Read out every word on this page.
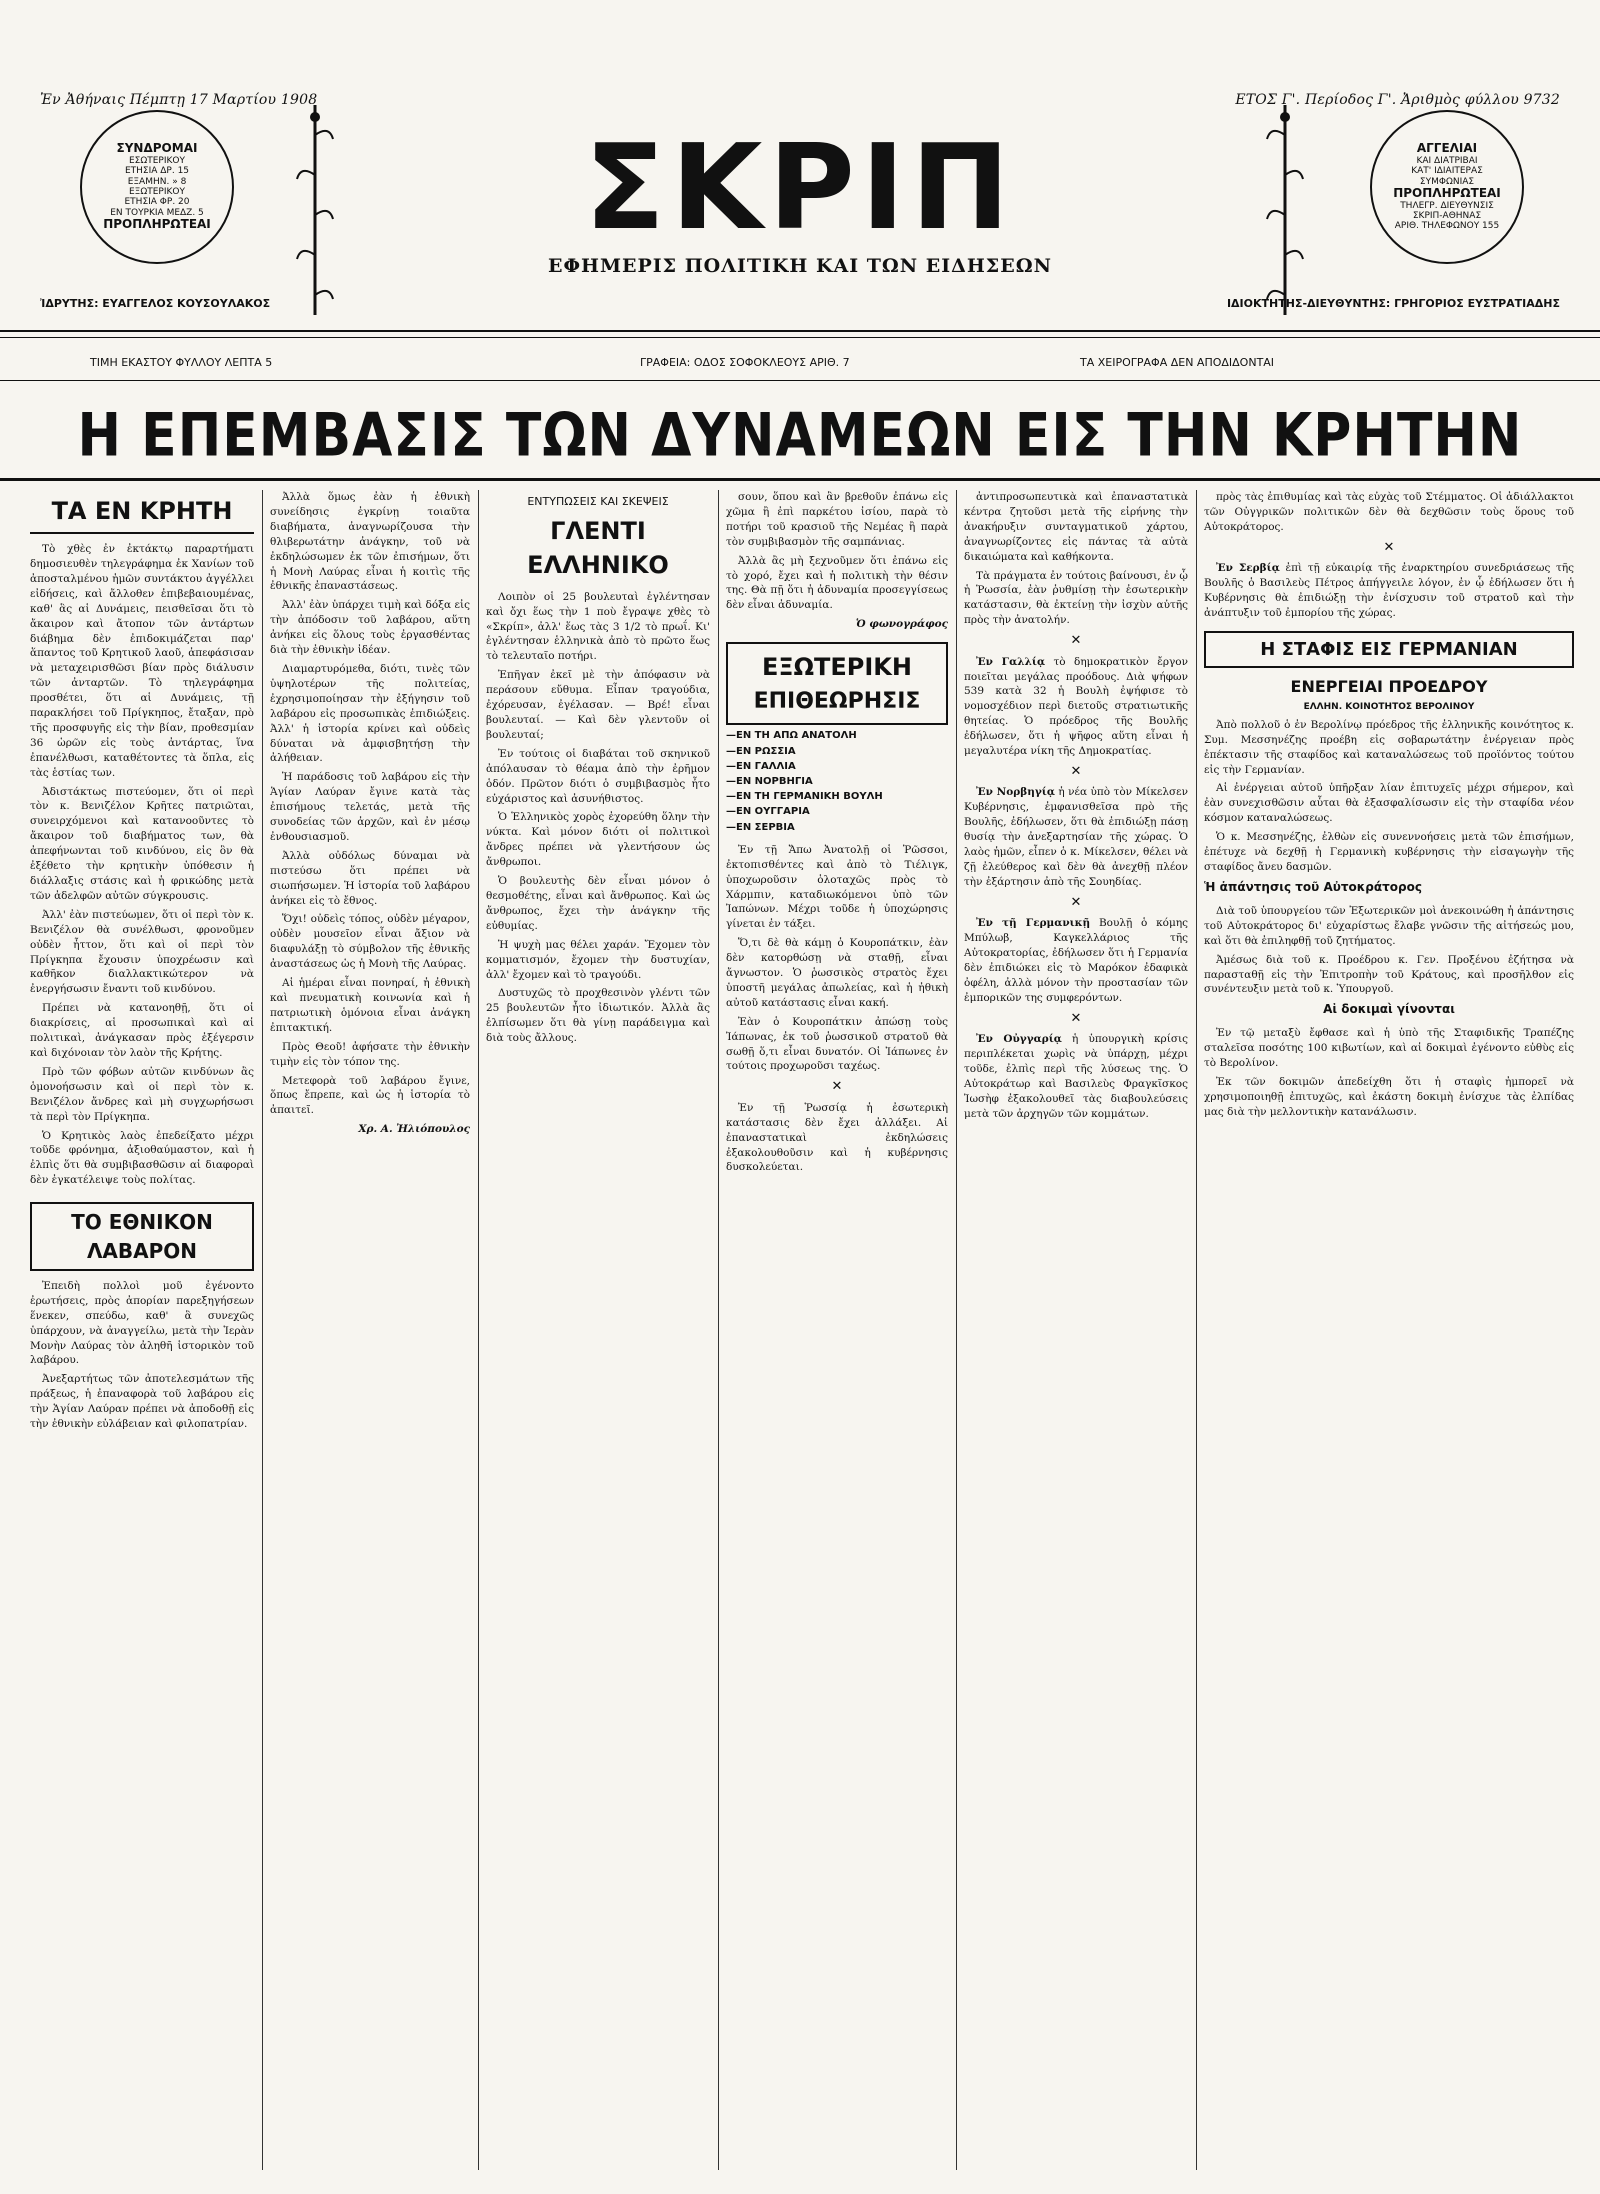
Ἐν Ἀθήναις Πέμπτῃ 17 Μαρτίου 1908	ΕΤΟΣ Γ'. Περίοδος Γ'. Ἀριθμὸς φύλλου 9732
ΣΥΝΔΡΟΜΑΙ
ΕΣΩΤΕΡΙΚΟΥ
ΕΤΗΣΙΑ ΔΡ. 15
ΕΞΑΜΗΝ. » 8
ΕΞΩΤΕΡΙΚΟΥ
ΕΤΗΣΙΑ ΦΡ. 20
ΕΝ ΤΟΥΡΚΙΑ ΜΕΔΖ. 5
ΠΡΟΠΛΗΡΩΤΕΑΙ	ΣΚΡΙΠ
ΕΦΗΜΕΡΙΣ ΠΟΛΙΤΙΚΗ ΚΑΙ ΤΩΝ ΕΙΔΗΣΕΩΝ
ΑΓΓΕΛΙΑΙ
ΚΑΙ ΔΙΑΤΡΙΒΑΙ
ΚΑΤ' ΙΔΙΑΙΤΕΡΑΣ
ΣΥΜΦΩΝΙΑΣ
ΠΡΟΠΛΗΡΩΤΕΑΙ
ΤΗΛΕΓΡ. ΔΙΕΥΘΥΝΣΙΣ
ΣΚΡΙΠ-ΑΘΗΝΑΣ
ΑΡΙΘ. ΤΗΛΕΦΩΝΟΥ 155
ἸΔΡΥΤΗΣ: ΕΥΑΓΓΕΛΟΣ ΚΟΥΣΟΥΛΑΚΟΣ	ΙΔΙΟΚΤΗΤΗΣ-ΔΙΕΥΘΥΝΤΗΣ: ΓΡΗΓΟΡΙΟΣ ΕΥΣΤΡΑΤΙΑΔΗΣ
ΤΙΜΗ ΕΚΑΣΤΟΥ ΦΥΛΛΟΥ ΛΕΠΤΑ 5	ΓΡΑΦΕΙΑ: ΟΔΟΣ ΣΟΦΟΚΛΕΟΥΣ ΑΡΙΘ. 7	ΤΑ ΧΕΙΡΟΓΡΑΦΑ ΔΕΝ ΑΠΟΔΙΔΟΝΤΑΙ
Η ΕΠΕΜΒΑΣΙΣ ΤΩΝ ΔΥΝΑΜΕΩΝ ΕΙΣ ΤΗΝ ΚΡΗΤΗΝ
ΤΑ ΕΝ ΚΡΗΤΗ

Τὸ χθὲς ἐν ἐκτάκτῳ παραρτήματι δημοσιευθὲν τηλεγράφημα ἐκ Χανίων τοῦ ἀποσταλμένου ἡμῶν συντάκτου ἀγγέλλει εἰδήσεις, καὶ ἄλλοθεν ἐπιβεβαιουμένας, καθ' ἃς αἱ Δυνάμεις, πεισθεῖσαι ὅτι τὸ ἄκαιρον καὶ ἄτοπον τῶν ἀντάρτων διάβημα δὲν ἐπιδοκιμάζεται παρ' ἅπαντος τοῦ Κρητικοῦ λαοῦ, ἀπεφάσισαν νὰ μεταχειρισθῶσι βίαν πρὸς διάλυσιν τῶν ἀνταρτῶν. Τὸ τηλεγράφημα προσθέτει, ὅτι αἱ Δυνάμεις, τῇ παρακλήσει τοῦ Πρίγκηπος, ἔταξαν, πρὸ τῆς προσφυγῆς εἰς τὴν βίαν, προθεσμίαν 36 ὡρῶν εἰς τοὺς ἀντάρτας, ἵνα ἐπανέλθωσι, καταθέτοντες τὰ ὅπλα, εἰς τὰς ἑστίας των.

Ἀδιστάκτως πιστεύομεν, ὅτι οἱ περὶ τὸν κ. Βενιζέλον Κρῆτες πατριῶται, συνειρχόμενοι καὶ κατανοοῦντες τὸ ἄκαιρον τοῦ διαβήματος των, θὰ ἀπεφήνωνται τοῦ κινδύνου, εἰς ὃν θὰ ἐξέθετο τὴν κρητικὴν ὑπόθεσιν ἡ διάλλαξις στάσις καὶ ἡ φρικώδης μετὰ τῶν ἀδελφῶν αὐτῶν σύγκρουσις.

Ἀλλ' ἐὰν πιστεύωμεν, ὅτι οἱ περὶ τὸν κ. Βενιζέλον θὰ συνέλθωσι, φρονοῦμεν οὐδὲν ἧττον, ὅτι καὶ οἱ περὶ τὸν Πρίγκηπα ἔχουσιν ὑποχρέωσιν καὶ καθῆκον διαλλακτικώτερον νὰ ἐνεργήσωσιν ἔναντι τοῦ κινδύνου.

Πρέπει νὰ κατανοηθῇ, ὅτι οἱ διακρίσεις, αἱ προσωπικαὶ καὶ αἱ πολιτικαὶ, ἀνάγκασαν πρὸς ἐξέγερσιν καὶ διχόνοιαν τὸν λαὸν τῆς Κρήτης.

Πρὸ τῶν φόβων αὐτῶν κινδύνων ἂς ὁμονοήσωσιν καὶ οἱ περὶ τὸν κ. Βενιζέλον ἄνδρες καὶ μὴ συγχωρήσωσι τὰ περὶ τὸν Πρίγκηπα.

Ὁ Κρητικὸς λαὸς ἐπεδείξατο μέχρι τοῦδε φρόνημα, ἀξιοθαύμαστον, καὶ ἡ ἐλπὶς ὅτι θὰ συμβιβασθῶσιν αἱ διαφοραὶ δὲν ἐγκατέλειψε τοὺς πολίτας.

ΤΟ ΕΘΝΙΚΟΝ ΛΑΒΑΡΟΝ

Ἐπειδὴ πολλοὶ μοῦ ἐγένοντο ἐρωτήσεις, πρὸς ἀπορίαν παρεξηγήσεων ἕνεκεν, σπεύδω, καθ' ἃ συνεχῶς ὑπάρχουν, νὰ ἀναγγείλω, μετὰ τὴν Ἱερὰν Μονὴν Λαύρας τὸν ἀληθῆ ἱστορικὸν τοῦ λαβάρου.

Ἀνεξαρτήτως τῶν ἀποτελεσμάτων τῆς πράξεως, ἡ ἐπαναφορὰ τοῦ λαβάρου εἰς τὴν Ἁγίαν Λαύραν πρέπει νὰ ἀποδοθῇ εἰς τὴν ἐθνικὴν εὐλάβειαν καὶ φιλοπατρίαν.

Ἀλλὰ ὅμως ἐὰν ἡ ἐθνικὴ συνείδησις ἐγκρίνῃ τοιαῦτα διαβήματα, ἀναγνωρίζουσα τὴν θλιβερωτάτην ἀνάγκην, τοῦ νὰ ἐκδηλώσωμεν ἐκ τῶν ἐπισήμων, ὅτι ἡ Μονὴ Λαύρας εἶναι ἡ κοιτὶς τῆς ἐθνικῆς ἐπαναστάσεως.

Ἀλλ' ἐὰν ὑπάρχει τιμὴ καὶ δόξα εἰς τὴν ἀπόδοσιν τοῦ λαβάρου, αὕτη ἀνήκει εἰς ὅλους τοὺς ἐργασθέντας διὰ τὴν ἐθνικὴν ἰδέαν.

Διαμαρτυρόμεθα, διότι, τινὲς τῶν ὑψηλοτέρων τῆς πολιτείας, ἐχρησιμοποίησαν τὴν ἐξήγησιν τοῦ λαβάρου εἰς προσωπικὰς ἐπιδιώξεις. Ἀλλ' ἡ ἱστορία κρίνει καὶ οὐδεὶς δύναται νὰ ἀμφισβητήσῃ τὴν ἀλήθειαν.

Ἡ παράδοσις τοῦ λαβάρου εἰς τὴν Ἁγίαν Λαύραν ἔγινε κατὰ τὰς ἐπισήμους τελετάς, μετὰ τῆς συνοδείας τῶν ἀρχῶν, καὶ ἐν μέσῳ ἐνθουσιασμοῦ.

Ἀλλὰ οὐδόλως δύναμαι νὰ πιστεύσω ὅτι πρέπει νὰ σιωπήσωμεν. Ἡ ἱστορία τοῦ λαβάρου ἀνήκει εἰς τὸ ἔθνος.

Ὅχι! οὐδεὶς τόπος, οὐδὲν μέγαρον, οὐδὲν μουσεῖον εἶναι ἄξιον νὰ διαφυλάξῃ τὸ σύμβολον τῆς ἐθνικῆς ἀναστάσεως ὡς ἡ Μονὴ τῆς Λαύρας.

Αἱ ἡμέραι εἶναι πονηραί, ἡ ἐθνικὴ καὶ πνευματικὴ κοινωνία καὶ ἡ πατριωτικὴ ὁμόνοια εἶναι ἀνάγκη ἐπιτακτική.

Πρὸς Θεοῦ! ἀφήσατε τὴν ἐθνικὴν τιμὴν εἰς τὸν τόπον της.

Μετεφορὰ τοῦ λαβάρου ἔγινε, ὅπως ἔπρεπε, καὶ ὡς ἡ ἱστορία τὸ ἀπαιτεῖ.

Χρ. Α. Ἠλιόπουλος
ΕΝΤΥΠΩΣΕΙΣ ΚΑΙ ΣΚΕΨΕΙΣ
ΓΛΕΝΤΙ ΕΛΛΗΝΙΚΟ

Λοιπὸν οἱ 25 βουλευταὶ ἐγλέντησαν καὶ ὄχι ἕως τὴν 1 ποὺ ἔγραψε χθὲς τὸ «Σκρίπ», ἀλλ' ἕως τὰς 3 1/2 τὸ πρωΐ. Κι' ἐγλέντησαν ἑλληνικὰ ἀπὸ τὸ πρῶτο ἕως τὸ τελευταῖο ποτήρι.

Ἐπῆγαν ἐκεῖ μὲ τὴν ἀπόφασιν νὰ περάσουν εὔθυμα. Εἶπαν τραγούδια, ἐχόρευσαν, ἐγέλασαν. — Βρέ! εἶναι βουλευταί. — Καὶ δὲν γλεντοῦν οἱ βουλευταί;

Ἐν τούτοις οἱ διαβάται τοῦ σκηνικοῦ ἀπόλαυσαν τὸ θέαμα ἀπὸ τὴν ἐρῆμον ὁδόν. Πρῶτον διότι ὁ συμβιβασμὸς ἦτο εὐχάριστος καὶ ἀσυνήθιστος.

Ὁ Ἑλληνικὸς χορὸς ἐχορεύθη ὅλην τὴν νύκτα. Καὶ μόνον διότι οἱ πολιτικοὶ ἄνδρες πρέπει νὰ γλεντήσουν ὡς ἄνθρωποι.

Ὁ βουλευτὴς δὲν εἶναι μόνον ὁ θεσμοθέτης, εἶναι καὶ ἄνθρωπος. Καὶ ὡς ἄνθρωπος, ἔχει τὴν ἀνάγκην τῆς εὐθυμίας.

Ἡ ψυχὴ μας θέλει χαράν. Ἔχομεν τὸν κομματισμόν, ἔχομεν τὴν δυστυχίαν, ἀλλ' ἔχομεν καὶ τὸ τραγούδι.

Δυστυχῶς τὸ προχθεσινὸν γλέντι τῶν 25 βουλευτῶν ἦτο ἰδιωτικόν. Ἀλλὰ ἂς ἐλπίσωμεν ὅτι θὰ γίνῃ παράδειγμα καὶ διὰ τοὺς ἄλλους.

σουν, ὅπου καὶ ἂν βρεθοῦν ἐπάνω εἰς χῶμα ἢ ἐπὶ παρκέτου ἰσίου, παρὰ τὸ ποτήρι τοῦ κρασιοῦ τῆς Νεμέας ἢ παρὰ τὸν συμβιβασμὸν τῆς σαμπάνιας.

Ἀλλὰ ἂς μὴ ξεχνοῦμεν ὅτι ἐπάνω εἰς τὸ χορό, ἔχει καὶ ἡ πολιτικὴ τὴν θέσιν της. Θὰ πῇ ὅτι ἡ ἀδυναμία προσεγγίσεως δὲν εἶναι ἀδυναμία.

Ὁ φωνογράφος
ΕΞΩΤΕΡΙΚΗ
ΕΠΙΘΕΩΡΗΣΙΣ
—ΕΝ ΤΗ ΑΠΩ ΑΝΑΤΟΛΗ
—ΕΝ ΡΩΣΣΙΑ
—ΕΝ ΓΑΛΛΙΑ
—ΕΝ ΝΟΡΒΗΓΙΑ
—ΕΝ ΤΗ ΓΕΡΜΑΝΙΚΗ ΒΟΥΛΗ
—ΕΝ ΟΥΓΓΑΡΙΑ
—ΕΝ ΣΕΡΒΙΑ

Ἐν τῇ Ἄπω Ἀνατολῇ οἱ Ῥῶσσοι, ἐκτοπισθέντες καὶ ἀπὸ τὸ Τιέλιγκ, ὑποχωροῦσιν ὁλοταχῶς πρὸς τὸ Χάρμπιν, καταδιωκόμενοι ὑπὸ τῶν Ἰαπώνων. Μέχρι τοῦδε ἡ ὑποχώρησις γίνεται ἐν τάξει.

Ὅ,τι δὲ θὰ κάμῃ ὁ Κουροπάτκιν, ἐὰν δὲν κατορθώσῃ νὰ σταθῇ, εἶναι ἄγνωστον. Ὁ ῥωσσικὸς στρατὸς ἔχει ὑποστῆ μεγάλας ἀπωλείας, καὶ ἡ ἠθικὴ αὐτοῦ κατάστασις εἶναι κακή.

Ἐὰν ὁ Κουροπάτκιν ἀπώσῃ τοὺς Ἰάπωνας, ἐκ τοῦ ῥωσσικοῦ στρατοῦ θὰ σωθῇ ὅ,τι εἶναι δυνατόν. Οἱ Ἰάπωνες ἐν τούτοις προχωροῦσι ταχέως.

✕

Ἐν τῇ Ῥωσσίᾳ ἡ ἐσωτερικὴ κατάστασις δὲν ἔχει ἀλλάξει. Αἱ ἐπαναστατικαὶ ἐκδηλώσεις ἐξακολουθοῦσιν καὶ ἡ κυβέρνησις δυσκολεύεται.

ἀντιπροσωπευτικὰ καὶ ἐπαναστατικὰ κέντρα ζητοῦσι μετὰ τῆς εἰρήνης τὴν ἀνακήρυξιν συνταγματικοῦ χάρτου, ἀναγνωρίζοντες εἰς πάντας τὰ αὐτὰ δικαιώματα καὶ καθήκοντα.

Τὰ πράγματα ἐν τούτοις βαίνουσι, ἐν ᾧ ἡ Ῥωσσία, ἐὰν ῥυθμίσῃ τὴν ἐσωτερικὴν κατάστασιν, θὰ ἐκτείνῃ τὴν ἰσχὺν αὐτῆς πρὸς τὴν ἀνατολήν.

✕

Ἐν Γαλλίᾳ τὸ δημοκρατικὸν ἔργον ποιεῖται μεγάλας προόδους. Διὰ ψήφων 539 κατὰ 32 ἡ Βουλὴ ἐψήφισε τὸ νομοσχέδιον περὶ διετοῦς στρατιωτικῆς θητείας. Ὁ πρόεδρος τῆς Βουλῆς ἐδήλωσεν, ὅτι ἡ ψῆφος αὕτη εἶναι ἡ μεγαλυτέρα νίκη τῆς Δημοκρατίας.

✕

Ἐν Νορβηγίᾳ ἡ νέα ὑπὸ τὸν Μίκελσεν Κυβέρνησις, ἐμφανισθεῖσα πρὸ τῆς Βουλῆς, ἐδήλωσεν, ὅτι θὰ ἐπιδιώξῃ πάσῃ θυσίᾳ τὴν ἀνεξαρτησίαν τῆς χώρας. Ὁ λαὸς ἡμῶν, εἶπεν ὁ κ. Μίκελσεν, θέλει νὰ ζῇ ἐλεύθερος καὶ δὲν θὰ ἀνεχθῇ πλέον τὴν ἐξάρτησιν ἀπὸ τῆς Σουηδίας.

✕

Ἐν τῇ Γερμανικῇ Βουλῇ ὁ κόμης Μπύλωβ, Καγκελλάριος τῆς Αὐτοκρατορίας, ἐδήλωσεν ὅτι ἡ Γερμανία δὲν ἐπιδιώκει εἰς τὸ Μαρόκον ἐδαφικὰ ὀφέλη, ἀλλὰ μόνον τὴν προστασίαν τῶν ἐμπορικῶν της συμφερόντων.

✕

Ἐν Οὐγγαρίᾳ ἡ ὑπουργικὴ κρίσις περιπλέκεται χωρὶς νὰ ὑπάρχῃ, μέχρι τοῦδε, ἐλπὶς περὶ τῆς λύσεως της. Ὁ Αὐτοκράτωρ καὶ Βασιλεὺς Φραγκῖσκος Ἰωσὴφ ἐξακολουθεῖ τὰς διαβουλεύσεις μετὰ τῶν ἀρχηγῶν τῶν κομμάτων.

πρὸς τὰς ἐπιθυμίας καὶ τὰς εὐχὰς τοῦ Στέμματος. Οἱ ἀδιάλλακτοι τῶν Οὐγγρικῶν πολιτικῶν δὲν θὰ δεχθῶσιν τοὺς ὅρους τοῦ Αὐτοκράτορος.

✕

Ἐν Σερβίᾳ ἐπὶ τῇ εὐκαιρίᾳ τῆς ἐναρκτηρίου συνεδριάσεως τῆς Βουλῆς ὁ Βασιλεὺς Πέτρος ἀπήγγειλε λόγον, ἐν ᾧ ἐδήλωσεν ὅτι ἡ Κυβέρνησις θὰ ἐπιδιώξῃ τὴν ἐνίσχυσιν τοῦ στρατοῦ καὶ τὴν ἀνάπτυξιν τοῦ ἐμπορίου τῆς χώρας.

Η ΣΤΑΦΙΣ ΕΙΣ ΓΕΡΜΑΝΙΑΝ
ΕΝΕΡΓΕΙΑΙ ΠΡΟΕΔΡΟΥ
ΕΛΛΗΝ. ΚΟΙΝΟΤΗΤΟΣ ΒΕΡΟΛΙΝΟΥ

Ἀπὸ πολλοῦ ὁ ἐν Βερολίνῳ πρόεδρος τῆς ἑλληνικῆς κοινότητος κ. Συμ. Μεσσηνέζης προέβη εἰς σοβαρωτάτην ἐνέργειαν πρὸς ἐπέκτασιν τῆς σταφίδος καὶ καταναλώσεως τοῦ προϊόντος τούτου εἰς τὴν Γερμανίαν.

Αἱ ἐνέργειαι αὐτοῦ ὑπῆρξαν λίαν ἐπιτυχεῖς μέχρι σήμερον, καὶ ἐὰν συνεχισθῶσιν αὗται θὰ ἐξασφαλίσωσιν εἰς τὴν σταφίδα νέον κόσμον καταναλώσεως.

Ὁ κ. Μεσσηνέζης, ἐλθὼν εἰς συνεννοήσεις μετὰ τῶν ἐπισήμων, ἐπέτυχε νὰ δεχθῇ ἡ Γερμανικὴ κυβέρνησις τὴν εἰσαγωγὴν τῆς σταφίδος ἄνευ δασμῶν.

Ἡ ἀπάντησις τοῦ Αὐτοκράτορος

Διὰ τοῦ ὑπουργείου τῶν Ἐξωτερικῶν μοὶ ἀνεκοινώθη ἡ ἀπάντησις τοῦ Αὐτοκράτορος δι' εὐχαρίστως ἔλαβε γνῶσιν τῆς αἰτήσεώς μου, καὶ ὅτι θὰ ἐπιληφθῇ τοῦ ζητήματος.

Ἀμέσως διὰ τοῦ κ. Προέδρου κ. Γεν. Προξένου ἐζήτησα νὰ παρασταθῇ εἰς τὴν Ἐπιτροπὴν τοῦ Κράτους, καὶ προσῆλθον εἰς συνέντευξιν μετὰ τοῦ κ. Ὑπουργοῦ.

Αἱ δοκιμαὶ γίνονται

Ἐν τῷ μεταξὺ ἔφθασε καὶ ἡ ὑπὸ τῆς Σταφιδικῆς Τραπέζης σταλεῖσα ποσότης 100 κιβωτίων, καὶ αἱ δοκιμαὶ ἐγένοντο εὐθὺς εἰς τὸ Βερολίνον.

Ἐκ τῶν δοκιμῶν ἀπεδείχθη ὅτι ἡ σταφὶς ἠμπορεῖ νὰ χρησιμοποιηθῇ ἐπιτυχῶς, καὶ ἐκάστη δοκιμὴ ἐνίσχυε τὰς ἐλπίδας μας διὰ τὴν μελλοντικὴν κατανάλωσιν.
